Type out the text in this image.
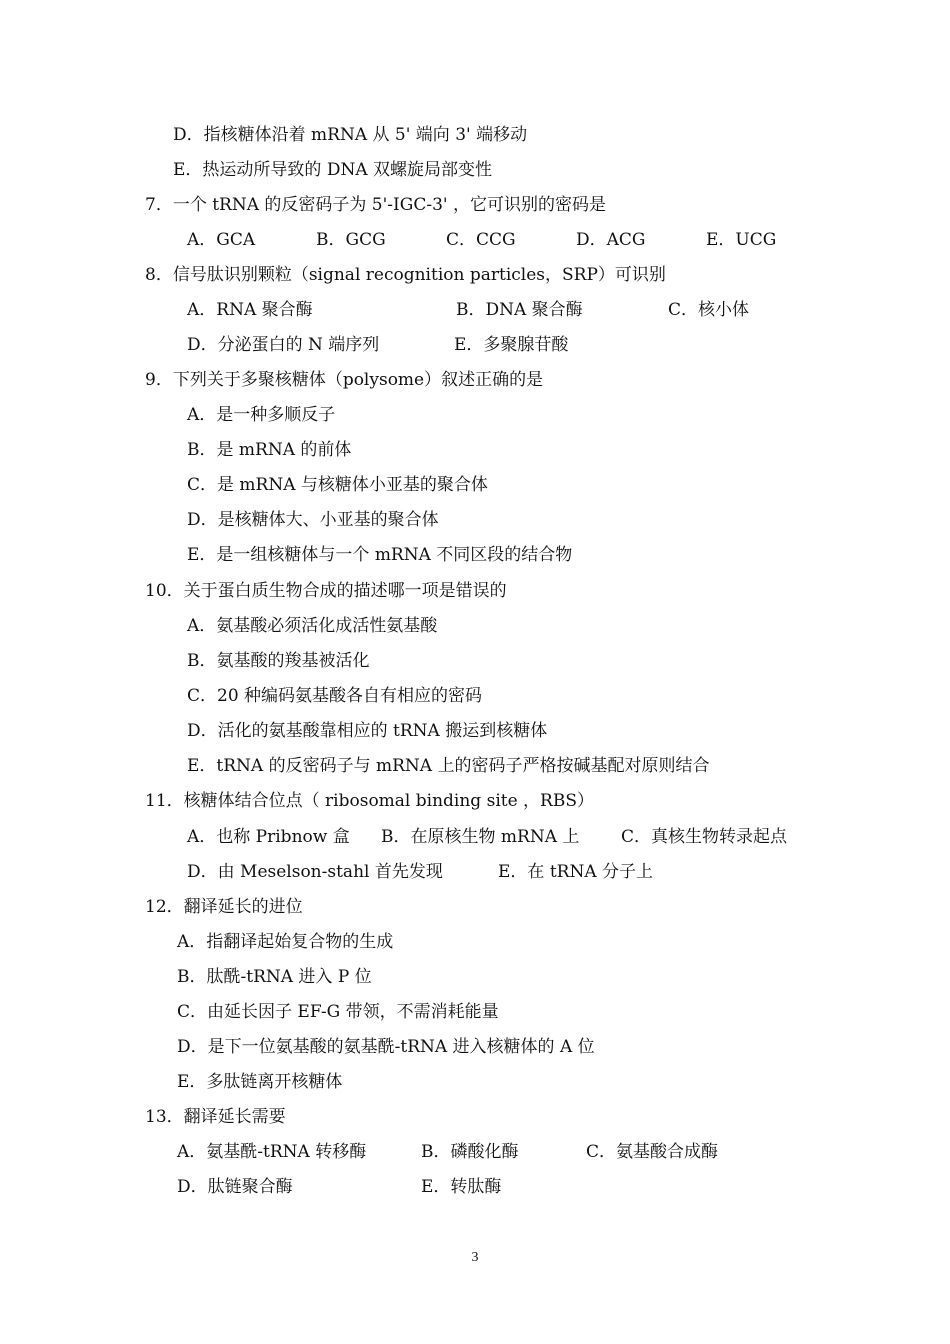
D．指核糖体沿着 mRNA 从 5' 端向 3' 端移动
E．热运动所导致的 DNA 双螺旋局部变性
7．一个 tRNA 的反密码子为 5'-IGC-3' ，它可识别的密码是
A．GCA	B．GCG	C．CCG	D．ACG	E．UCG
8．信号肽识别颗粒（signal recognition particles，SRP）可识别
A．RNA 聚合酶	B．DNA 聚合酶	C．核小体
D．分泌蛋白的 N 端序列	E．多聚腺苷酸
9．下列关于多聚核糖体（polysome）叙述正确的是
A．是一种多顺反子
B．是 mRNA 的前体
C．是 mRNA 与核糖体小亚基的聚合体
D．是核糖体大、小亚基的聚合体
E．是一组核糖体与一个 mRNA 不同区段的结合物
10．关于蛋白质生物合成的描述哪一项是错误的
A．氨基酸必须活化成活性氨基酸
B．氨基酸的羧基被活化
C．20 种编码氨基酸各自有相应的密码
D．活化的氨基酸靠相应的 tRNA 搬运到核糖体
E．tRNA 的反密码子与 mRNA 上的密码子严格按碱基配对原则结合
11．核糖体结合位点（ ribosomal binding site ，RBS）
A．也称 Pribnow 盒 B．在原核生物 mRNA 上 C．真核生物转录起点
D．由 Meselson-stahl 首先发现	E．在 tRNA 分子上
12．翻译延长的进位
A．指翻译起始复合物的生成
B．肽酰-tRNA 进入 P 位
C．由延长因子 EF-G 带领，不需消耗能量
D．是下一位氨基酸的氨基酰-tRNA 进入核糖体的 A 位
E．多肽链离开核糖体
13．翻译延长需要
A．氨基酰-tRNA 转移酶	B．磷酸化酶	C．氨基酸合成酶
D．肽链聚合酶	E．转肽酶
3
